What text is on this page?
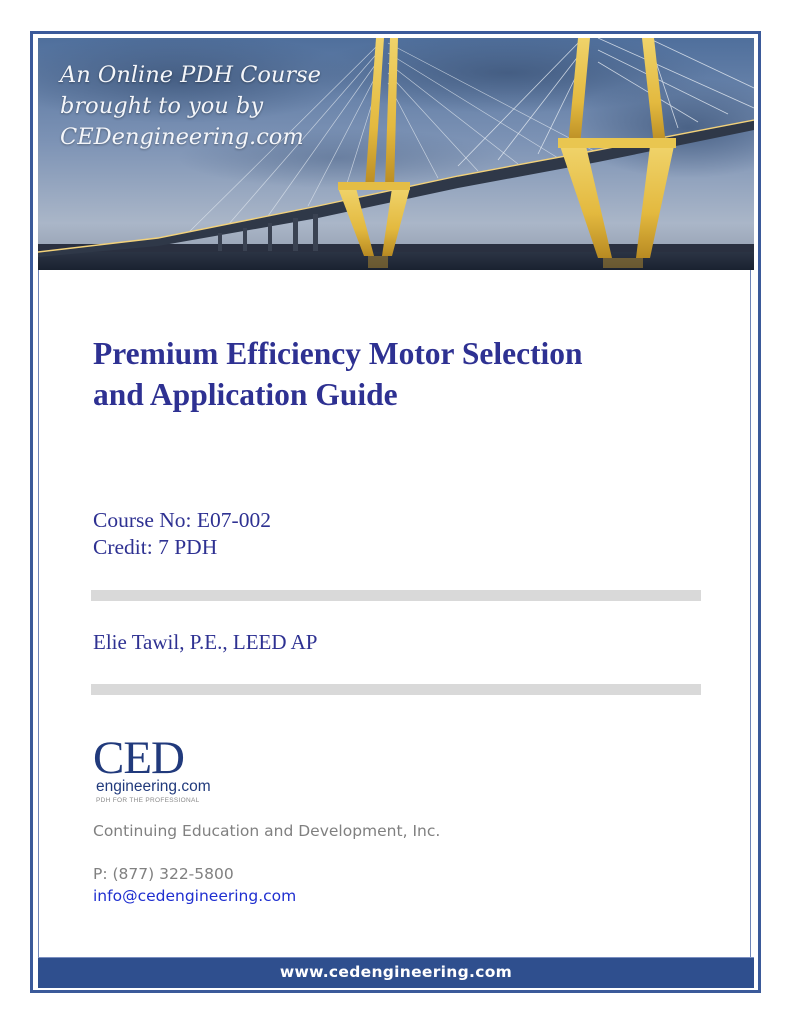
An Online PDH Course
brought to you by
CEDengineering.com

Premium Efficiency Motor Selection
and Application Guide
Course No: E07-002
Credit: 7 PDH
Elie Tawil, P.E., LEED AP
CED
engineering.com
PDH FOR THE PROFESSIONAL
Continuing Education and Development, Inc.
P: (877) 322-5800
info@cedengineering.com
www.cedengineering.com
